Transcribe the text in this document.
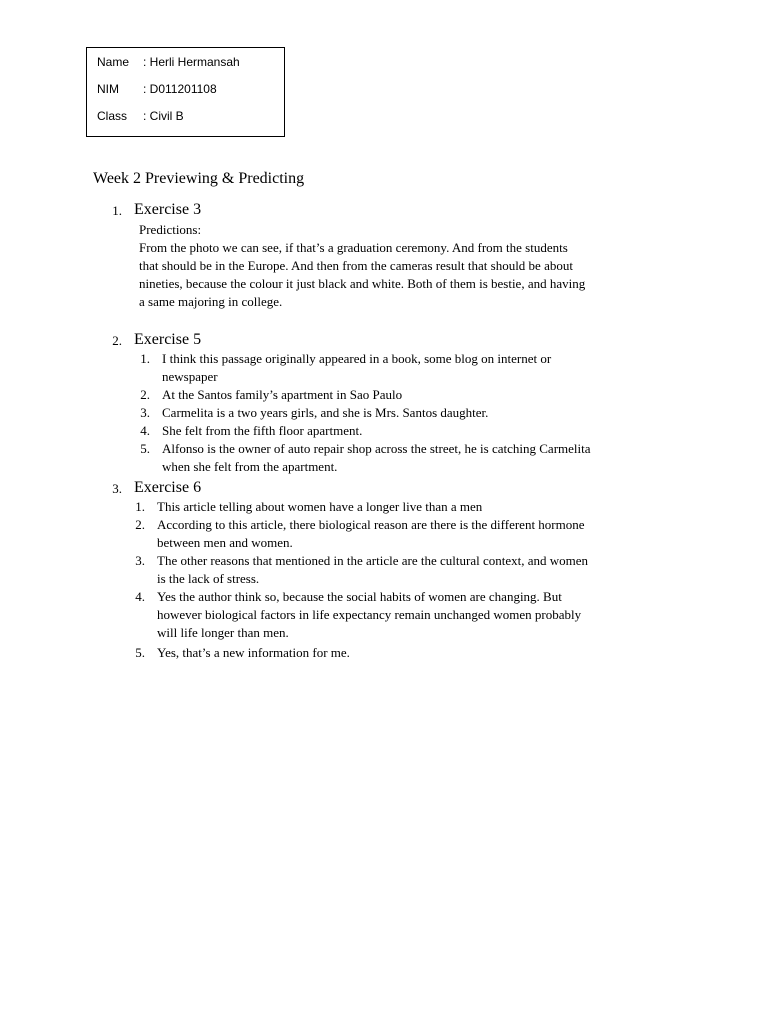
Name : Herli Hermansah
NIM : D011201108
Class : Civil B
Week 2 Previewing & Predicting
1. Exercise 3
Predictions:
From the photo we can see, if that’s a graduation ceremony. And from the students
that should be in the Europe. And then from the cameras result that should be about
nineties, because the colour it just black and white. Both of them is bestie, and having
a same majoring in college.
2. Exercise 5
1. I think this passage originally appeared in a book, some blog on internet or
newspaper
2. At the Santos family’s apartment in Sao Paulo
3. Carmelita is a two years girls, and she is Mrs. Santos daughter.
4. She felt from the fifth floor apartment.
5. Alfonso is the owner of auto repair shop across the street, he is catching Carmelita
when she felt from the apartment.
3. Exercise 6
1. This article telling about women have a longer live than a men
2. According to this article, there biological reason are there is the different hormone
between men and women.
3. The other reasons that mentioned in the article are the cultural context, and women
is the lack of stress.
4. Yes the author think so, because the social habits of women are changing. But
however biological factors in life expectancy remain unchanged women probably
will life longer than men.
5. Yes, that’s a new information for me.
